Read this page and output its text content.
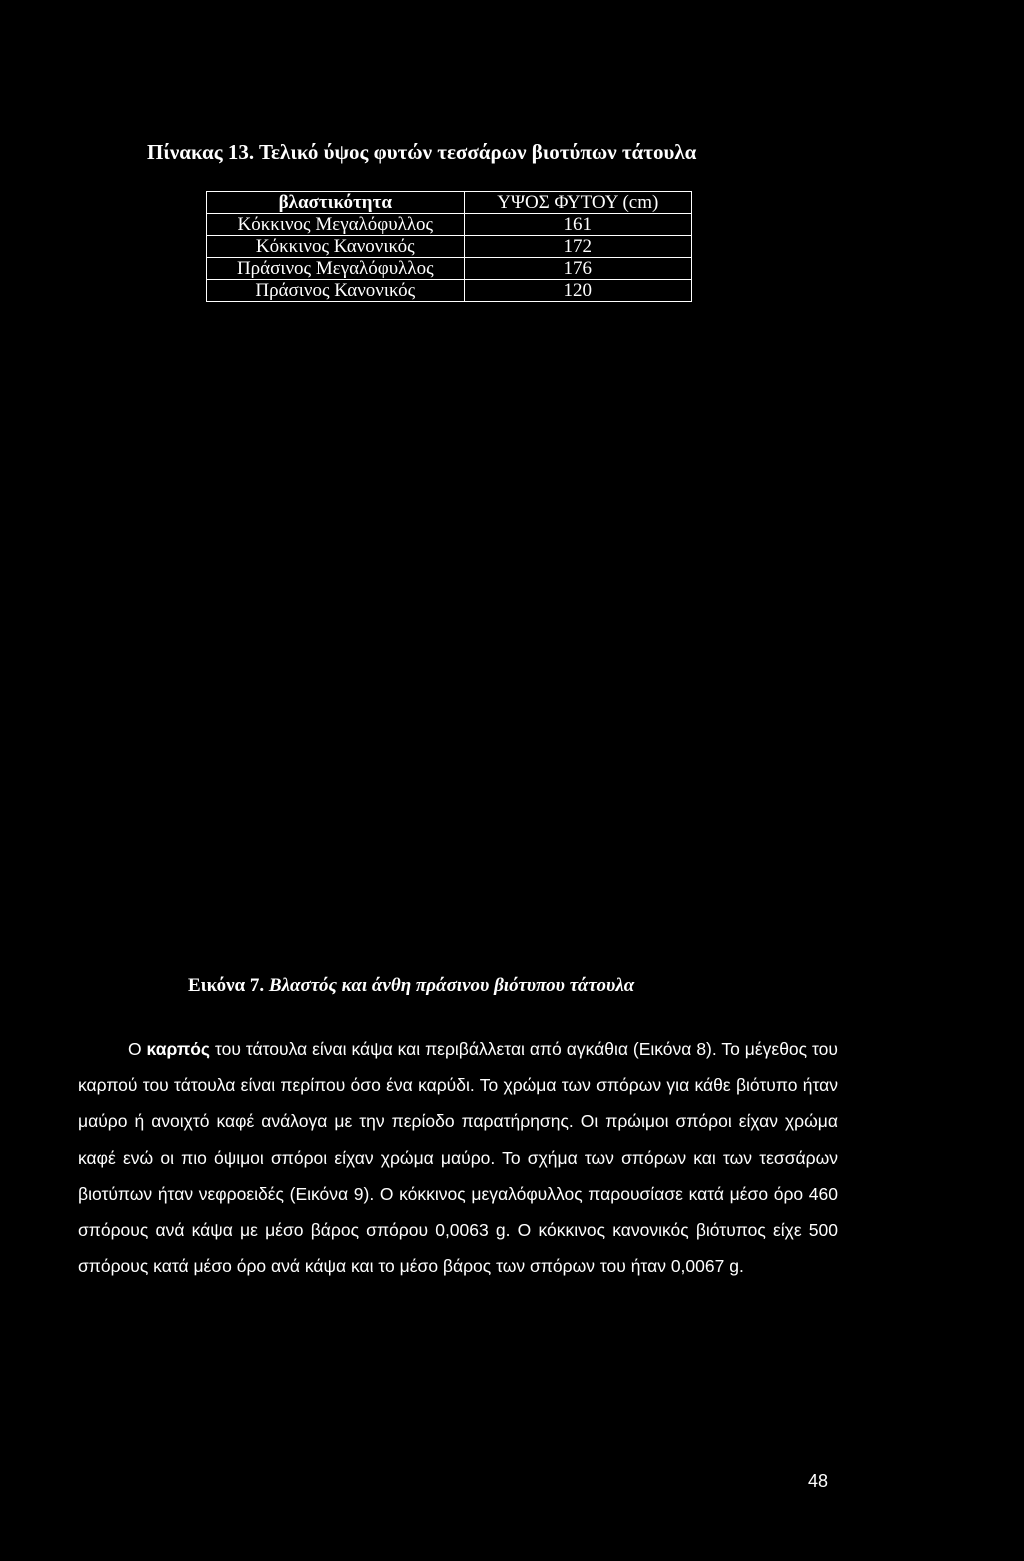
Πίνακας 13. Τελικό ύψος φυτών τεσσάρων βιοτύπων τάτουλα
βλαστικότητα	ΥΨΟΣ ΦΥΤΟΥ (cm)
Κόκκινος Μεγαλόφυλλος	161
Κόκκινος Κανονικός	172
Πράσινος Μεγαλόφυλλος	176
Πράσινος Κανονικός	120
Εικόνα 7. Βλαστός και άνθη πράσινου βιότυπου τάτουλα

Ο καρπός του τάτουλα είναι κάψα και περιβάλλεται από αγκάθια (Εικόνα 8). Το μέγεθος του καρπού του τάτουλα είναι περίπου όσο ένα καρύδι. Το χρώμα των σπόρων για κάθε βιότυπο ήταν μαύρο ή ανοιχτό καφέ ανάλογα με την περίοδο παρατήρησης. Οι πρώιμοι σπόροι είχαν χρώμα καφέ ενώ οι πιο όψιμοι σπόροι είχαν χρώμα μαύρο. Το σχήμα των σπόρων και των τεσσάρων βιοτύπων ήταν νεφροειδές (Εικόνα 9). Ο κόκκινος μεγαλόφυλλος παρουσίασε κατά μέσο όρο 460 σπόρους ανά κάψα με μέσο βάρος σπόρου 0,0063 g. Ο κόκκινος κανονικός βιότυπος είχε 500 σπόρους κατά μέσο όρο ανά κάψα και το μέσο βάρος των σπόρων του ήταν 0,0067 g.

48
